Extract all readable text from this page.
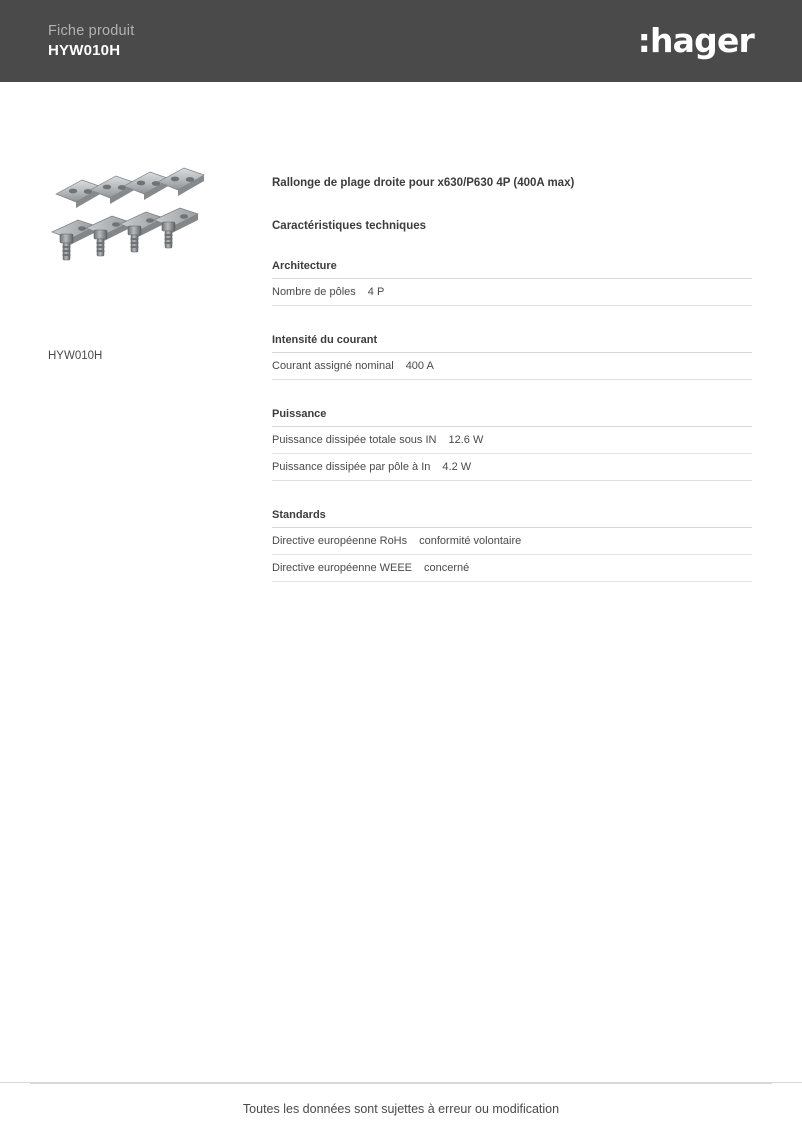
Fiche produit
HYW010H	:hager
HYW010H
Rallonge de plage droite pour x630/P630 4P (400A max)
Caractéristiques techniques
Architecture
Nombre de pôles 4 P
Intensité du courant
Courant assigné nominal 400 A
Puissance
Puissance dissipée totale sous IN 12.6 W
Puissance dissipée par pôle à In 4.2 W
Standards
Directive européenne RoHs conformité volontaire
Directive européenne WEEE concerné
Toutes les données sont sujettes à erreur ou modification
